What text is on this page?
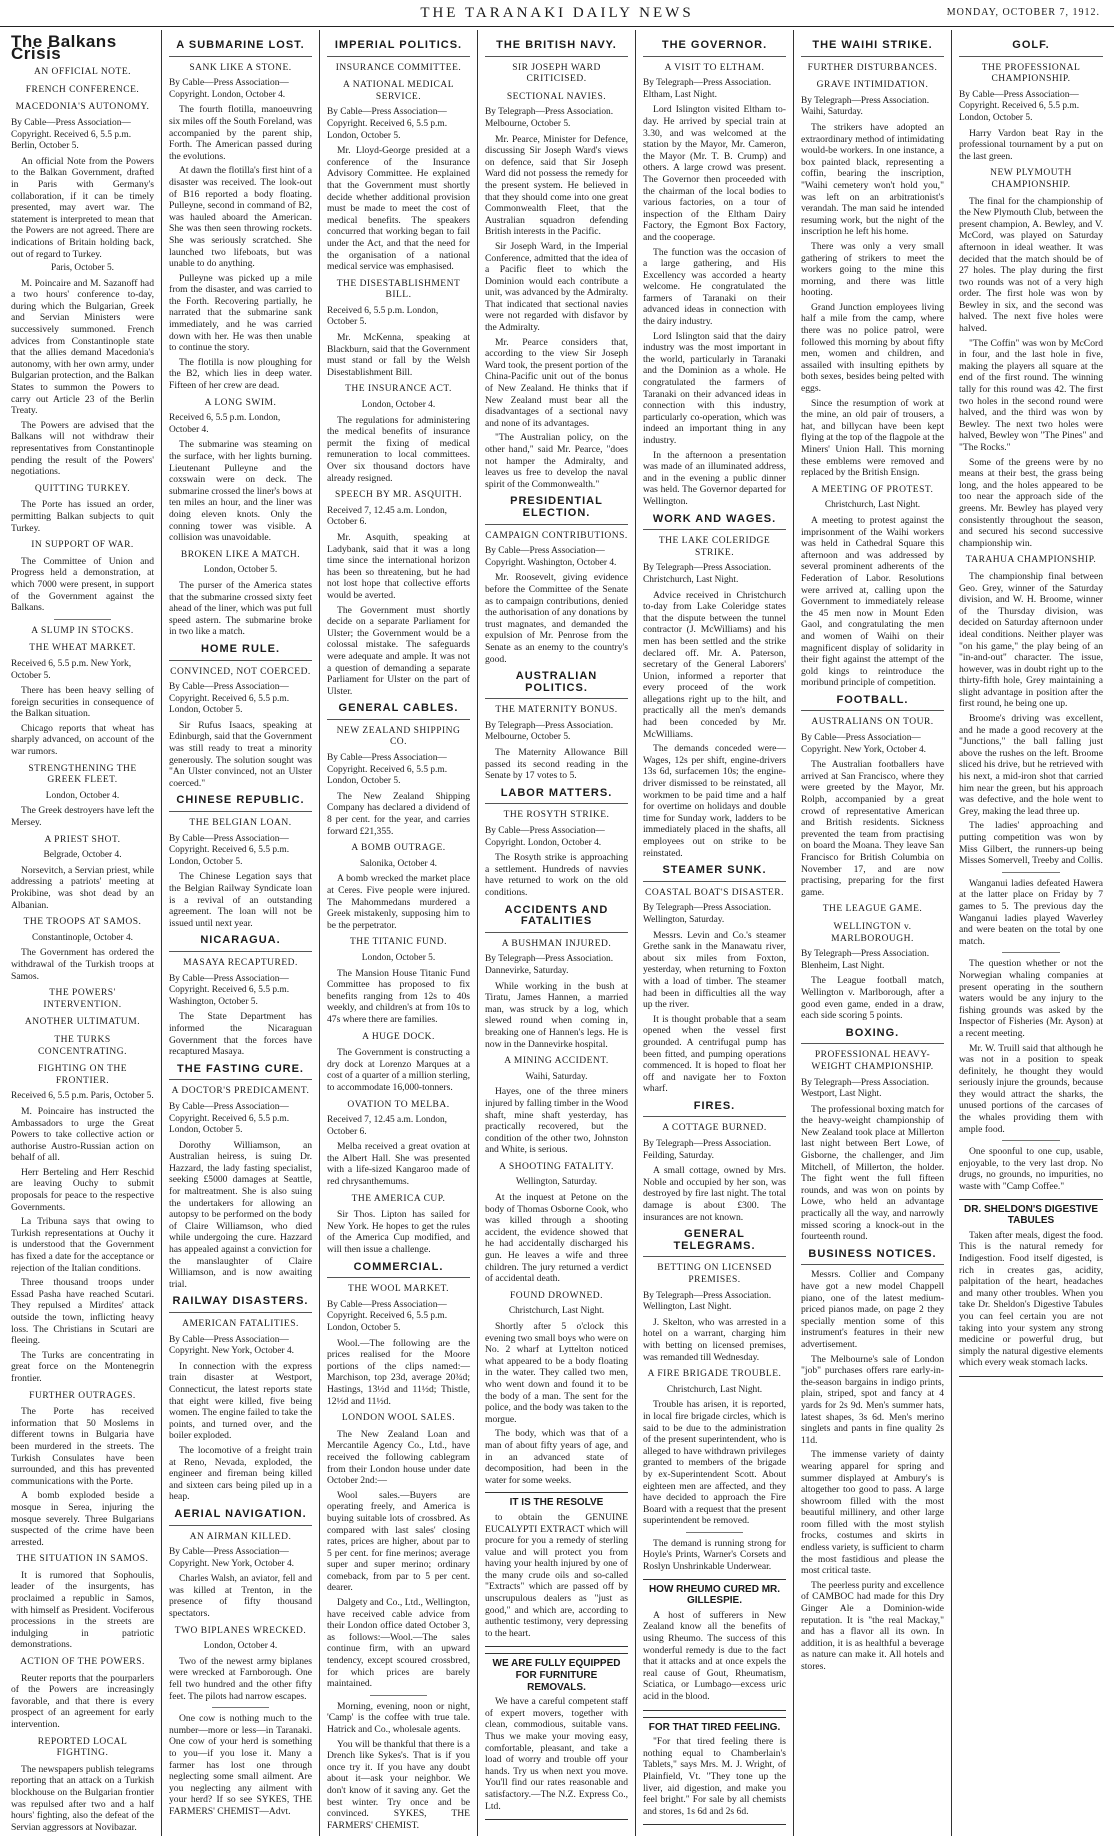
THE TARANAKI DAILY NEWS	MONDAY, OCTOBER 7, 1912.
The Balkans Crisis
AN OFFICIAL NOTE.
FRENCH CONFERENCE.
MACEDONIA'S AUTONOMY.
By Cable—Press Association—Copyright. Received 6, 5.5 p.m. Berlin, October 5.

An official Note from the Powers to the Balkan Government, drafted in Paris with Germany's collaboration, if it can be timely presented, may avert war. The statement is interpreted to mean that the Powers are not agreed. There are indications of Britain holding back, out of regard to Turkey.

Paris, October 5.

M. Poincaire and M. Sazanoff had a two hours' conference to-day, during which the Bulgarian, Greek and Servian Ministers were successively summoned. French advices from Constantinople state that the allies demand Macedonia's autonomy, with her own army, under Bulgarian protection, and the Balkan States to summon the Powers to carry out Article 23 of the Berlin Treaty.

The Powers are advised that the Balkans will not withdraw their representatives from Constantinople pending the result of the Powers' negotiations.

QUITTING TURKEY.

The Porte has issued an order, permitting Balkan subjects to quit Turkey.

IN SUPPORT OF WAR.

The Committee of Union and Progress held a demonstration, at which 7000 were present, in support of the Government against the Balkans.

A SLUMP IN STOCKS.
THE WHEAT MARKET.
Received 6, 5.5 p.m. New York, October 5.

There has been heavy selling of foreign securities in consequence of the Balkan situation.

Chicago reports that wheat has sharply advanced, on account of the war rumors.

STRENGTHENING THE GREEK FLEET.
London, October 4.

The Greek destroyers have left the Mersey.

A PRIEST SHOT.
Belgrade, October 4.

Norsevitch, a Servian priest, while addressing a patriots' meeting at Prokibine, was shot dead by an Albanian.

THE TROOPS AT SAMOS.
Constantinople, October 4.

The Government has ordered the withdrawal of the Turkish troops at Samos.

THE POWERS' INTERVENTION.
ANOTHER ULTIMATUM.
THE TURKS CONCENTRATING.
FIGHTING ON THE FRONTIER.
Received 6, 5.5 p.m. Paris, October 5.

M. Poincaire has instructed the Ambassadors to urge the Great Powers to take collective action or authorise Austro-Russian action on behalf of all.

Herr Berteling and Herr Reschid are leaving Ouchy to submit proposals for peace to the respective Governments.

La Tribuna says that owing to Turkish representations at Ouchy it is understood that the Government has fixed a date for the acceptance or rejection of the Italian conditions.

Three thousand troops under Essad Pasha have reached Scutari. They repulsed a Mirdites' attack outside the town, inflicting heavy loss. The Christians in Scutari are fleeing.

The Turks are concentrating in great force on the Montenegrin frontier.

FURTHER OUTRAGES.

The Porte has received information that 50 Moslems in different towns in Bulgaria have been murdered in the streets. The Turkish Consulates have been surrounded, and this has prevented communications with the Porte.

A bomb exploded beside a mosque in Serea, injuring the mosque severely. Three Bulgarians suspected of the crime have been arrested.

THE SITUATION IN SAMOS.

It is rumored that Sophoulis, leader of the insurgents, has proclaimed a republic in Samos, with himself as President. Vociferous processions in the streets are indulging in patriotic demonstrations.

ACTION OF THE POWERS.

Reuter reports that the pourparlers of the Powers are increasingly favorable, and that there is every prospect of an agreement for early intervention.

REPORTED LOCAL FIGHTING.

The newspapers publish telegrams reporting that an attack on a Turkish blockhouse on the Bulgarian frontier was repulsed after two and a half hours' fighting, also the defeat of the Servian aggressors at Novibazar.

A SUBMARINE LOST.
SANK LIKE A STONE.
By Cable—Press Association—Copyright. London, October 4.

The fourth flotilla, manoeuvring six miles off the South Foreland, was accompanied by the parent ship, Forth. The American passed during the evolutions.

At dawn the flotilla's first hint of a disaster was received. The look-out of B16 reported a body floating. Pulleyne, second in command of B2, was hauled aboard the American. She was then seen throwing rockets. She was seriously scratched. She launched two lifeboats, but was unable to do anything.

Pulleyne was picked up a mile from the disaster, and was carried to the Forth. Recovering partially, he narrated that the submarine sank immediately, and he was carried down with her. He was then unable to continue the story.

The flotilla is now ploughing for the B2, which lies in deep water. Fifteen of her crew are dead.

A LONG SWIM.
Received 6, 5.5 p.m. London, October 4.

The submarine was steaming on the surface, with her lights burning. Lieutenant Pulleyne and the coxswain were on deck. The submarine crossed the liner's bows at ten miles an hour, and the liner was doing eleven knots. Only the conning tower was visible. A collision was unavoidable.

BROKEN LIKE A MATCH.
London, October 5.

The purser of the America states that the submarine crossed sixty feet ahead of the liner, which was put full speed astern. The submarine broke in two like a match.

HOME RULE.
CONVINCED, NOT COERCED.
By Cable—Press Association—Copyright. Received 6, 5.5 p.m. London, October 5.

Sir Rufus Isaacs, speaking at Edinburgh, said that the Government was still ready to treat a minority generously. The solution sought was "An Ulster convinced, not an Ulster coerced."

CHINESE REPUBLIC.
THE BELGIAN LOAN.
By Cable—Press Association—Copyright. Received 6, 5.5 p.m. London, October 5.

The Chinese Legation says that the Belgian Railway Syndicate loan is a revival of an outstanding agreement. The loan will not be issued until next year.

NICARAGUA.
MASAYA RECAPTURED.
By Cable—Press Association—Copyright. Received 6, 5.5 p.m. Washington, October 5.

The State Department has informed the Nicaraguan Government that the forces have recaptured Masaya.

THE FASTING CURE.
A DOCTOR'S PREDICAMENT.
By Cable—Press Association—Copyright. Received 6, 5.5 p.m. London, October 5.

Dorothy Williamson, an Australian heiress, is suing Dr. Hazzard, the lady fasting specialist, seeking £5000 damages at Seattle, for maltreatment. She is also suing the undertakers for allowing an autopsy to be performed on the body of Claire Williamson, who died while undergoing the cure. Hazzard has appealed against a conviction for the manslaughter of Claire Williamson, and is now awaiting trial.

RAILWAY DISASTERS.
AMERICAN FATALITIES.
By Cable—Press Association—Copyright. New York, October 4.

In connection with the express train disaster at Westport, Connecticut, the latest reports state that eight were killed, five being women. The engine failed to take the points, and turned over, and the boiler exploded.

The locomotive of a freight train at Reno, Nevada, exploded, the engineer and fireman being killed and sixteen cars being piled up in a heap.

AERIAL NAVIGATION.
AN AIRMAN KILLED.
By Cable—Press Association—Copyright. New York, October 4.

Charles Walsh, an aviator, fell and was killed at Trenton, in the presence of fifty thousand spectators.

TWO BIPLANES WRECKED.
London, October 4.

Two of the newest army biplanes were wrecked at Farnborough. One fell two hundred and the other fifty feet. The pilots had narrow escapes.

One cow is nothing much to the number—more or less—in Taranaki. One cow of your herd is something to you—if you lose it. Many a farmer has lost one through neglecting some small ailment. Are you neglecting any ailment with your herd? If so see SYKES, THE FARMERS' CHEMIST—Advt.

IMPERIAL POLITICS.
INSURANCE COMMITTEE.
A NATIONAL MEDICAL SERVICE.
By Cable—Press Association—Copyright. Received 6, 5.5 p.m. London, October 5.

Mr. Lloyd-George presided at a conference of the Insurance Advisory Committee. He explained that the Government must shortly decide whether additional provision must be made to meet the cost of medical benefits. The speakers concurred that working began to fail under the Act, and that the need for the organisation of a national medical service was emphasised.

THE DISESTABLISHMENT BILL.
Received 6, 5.5 p.m. London, October 5.

Mr. McKenna, speaking at Blackburn, said that the Government must stand or fall by the Welsh Disestablishment Bill.

THE INSURANCE ACT.
London, October 4.

The regulations for administering the medical benefits of insurance permit the fixing of medical remuneration to local committees. Over six thousand doctors have already resigned.

SPEECH BY MR. ASQUITH.
Received 7, 12.45 a.m. London, October 6.

Mr. Asquith, speaking at Ladybank, said that it was a long time since the international horizon has been so threatening, but he had not lost hope that collective efforts would be averted.

The Government must shortly decide on a separate Parliament for Ulster; the Government would be a colossal mistake. The safeguards were adequate and ample. It was not a question of demanding a separate Parliament for Ulster on the part of Ulster.

GENERAL CABLES.
NEW ZEALAND SHIPPING CO.
By Cable—Press Association—Copyright. Received 6, 5.5 p.m. London, October 5.

The New Zealand Shipping Company has declared a dividend of 8 per cent. for the year, and carries forward £21,355.

A BOMB OUTRAGE.
Salonika, October 4.

A bomb wrecked the market place at Ceres. Five people were injured. The Mahommedans murdered a Greek mistakenly, supposing him to be the perpetrator.

THE TITANIC FUND.
London, October 5.

The Mansion House Titanic Fund Committee has proposed to fix benefits ranging from 12s to 40s weekly, and children's at from 10s to 47s where there are families.

A HUGE DOCK.

The Government is constructing a dry dock at Lorenzo Marques at a cost of a quarter of a million sterling, to accommodate 16,000-tonners.

OVATION TO MELBA.
Received 7, 12.45 a.m. London, October 6.

Melba received a great ovation at the Albert Hall. She was presented with a life-sized Kangaroo made of red chrysanthemums.

THE AMERICA CUP.

Sir Thos. Lipton has sailed for New York. He hopes to get the rules of the America Cup modified, and will then issue a challenge.

COMMERCIAL.
THE WOOL MARKET.
By Cable—Press Association—Copyright. Received 6, 5.5 p.m. London, October 5.

Wool.—The following are the prices realised for the Moore portions of the clips named:—Marchison, top 23d, average 20¾d; Hastings, 13½d and 11½d; Thistle, 12½d and 11½d.

LONDON WOOL SALES.

The New Zealand Loan and Mercantile Agency Co., Ltd., have received the following cablegram from their London house under date October 2nd:—

Wool sales.—Buyers are operating freely, and America is buying suitable lots of crossbred. As compared with last sales' closing rates, prices are higher, about par to 5 per cent. for fine merinos; average super and super merino; ordinary comeback, from par to 5 per cent. dearer.

Dalgety and Co., Ltd., Wellington, have received cable advice from their London office dated October 3, as follows:—Wool.—The sales continue firm, with an upward tendency, except scoured crossbred, for which prices are barely maintained.

Morning, evening, noon or night, 'Camp' is the coffee with true tale. Hatrick and Co., wholesale agents.

You will be thankful that there is a Drench like Sykes's. That is if you once try it. If you have any doubt about it—ask your neighbor. We don't know of it saving any. Get the best winter. Try once and be convinced. SYKES, THE FARMERS' CHEMIST.

THE BRITISH NAVY.
SIR JOSEPH WARD CRITICISED.
SECTIONAL NAVIES.
By Telegraph—Press Association. Melbourne, October 5.

Mr. Pearce, Minister for Defence, discussing Sir Joseph Ward's views on defence, said that Sir Joseph Ward did not possess the remedy for the present system. He believed in that they should come into one great Commonwealth Fleet, that the Australian squadron defending British interests in the Pacific.

Sir Joseph Ward, in the Imperial Conference, admitted that the idea of a Pacific fleet to which the Dominion would each contribute a unit, was advanced by the Admiralty. That indicated that sectional navies were not regarded with disfavor by the Admiralty.

Mr. Pearce considers that, according to the view Sir Joseph Ward took, the present portion of the China-Pacific unit out of the bonus of New Zealand. He thinks that if New Zealand must bear all the disadvantages of a sectional navy and none of its advantages.

"The Australian policy, on the other hand," said Mr. Pearce, "does not hamper the Admiralty, and leaves us free to develop the naval spirit of the Commonwealth."

PRESIDENTIAL ELECTION.
CAMPAIGN CONTRIBUTIONS.
By Cable—Press Association—Copyright. Washington, October 4.

Mr. Roosevelt, giving evidence before the Committee of the Senate as to campaign contributions, denied the authorisation of any donations by trust magnates, and demanded the expulsion of Mr. Penrose from the Senate as an enemy to the country's good.

AUSTRALIAN POLITICS.
THE MATERNITY BONUS.
By Telegraph—Press Association. Melbourne, October 5.

The Maternity Allowance Bill passed its second reading in the Senate by 17 votes to 5.

LABOR MATTERS.
THE ROSYTH STRIKE.
By Cable—Press Association—Copyright. London, October 4.

The Rosyth strike is approaching a settlement. Hundreds of navvies have returned to work on the old conditions.

ACCIDENTS AND FATALITIES
A BUSHMAN INJURED.
By Telegraph—Press Association. Dannevirke, Saturday.

While working in the bush at Tiratu, James Hannen, a married man, was struck by a log, which slewed round when coming in, breaking one of Hannen's legs. He is now in the Dannevirke hospital.

A MINING ACCIDENT.
Waihi, Saturday.

Hayes, one of the three miners injured by falling timber in the Wood shaft, mine shaft yesterday, has practically recovered, but the condition of the other two, Johnston and White, is serious.

A SHOOTING FATALITY.
Wellington, Saturday.

At the inquest at Petone on the body of Thomas Osborne Cook, who was killed through a shooting accident, the evidence showed that he had accidentally discharged his gun. He leaves a wife and three children. The jury returned a verdict of accidental death.

FOUND DROWNED.
Christchurch, Last Night.

Shortly after 5 o'clock this evening two small boys who were on No. 2 wharf at Lyttelton noticed what appeared to be a body floating in the water. They called two men, who went down and found it to be the body of a man. The sent for the police, and the body was taken to the morgue.

The body, which was that of a man of about fifty years of age, and in an advanced state of decomposition, had been in the water for some weeks.

IT IS THE RESOLVE

to obtain the GENUINE EUCALYPTI EXTRACT which will procure for you a remedy of sterling value and will protect you from having your health injured by one of the many crude oils and so-called "Extracts" which are passed off by unscrupulous dealers as "just as good," and which are, according to authentic testimony, very depressing to the heart.

WE ARE FULLY EQUIPPED FOR FURNITURE REMOVALS.

We have a careful competent staff of expert movers, together with clean, commodious, suitable vans. Thus we make your moving easy, comfortable, pleasant, and take a load of worry and trouble off your hands. Try us when next you move. You'll find our rates reasonable and satisfactory.—The N.Z. Express Co., Ltd.

THE GOVERNOR.
A VISIT TO ELTHAM.
By Telegraph—Press Association. Eltham, Last Night.

Lord Islington visited Eltham to-day. He arrived by special train at 3.30, and was welcomed at the station by the Mayor, Mr. Cameron, the Mayor (Mr. T. B. Crump) and others. A large crowd was present. The Governor then proceeded with the chairman of the local bodies to various factories, on a tour of inspection of the Eltham Dairy Factory, the Egmont Box Factory, and the cooperage.

The function was the occasion of a large gathering, and His Excellency was accorded a hearty welcome. He congratulated the farmers of Taranaki on their advanced ideas in connection with the dairy industry.

Lord Islington said that the dairy industry was the most important in the world, particularly in Taranaki and the Dominion as a whole. He congratulated the farmers of Taranaki on their advanced ideas in connection with this industry, particularly co-operation, which was indeed an important thing in any industry.

In the afternoon a presentation was made of an illuminated address, and in the evening a public dinner was held. The Governor departed for Wellington.

WORK AND WAGES.
THE LAKE COLERIDGE STRIKE.
By Telegraph—Press Association. Christchurch, Last Night.

Advice received in Christchurch to-day from Lake Coleridge states that the dispute between the tunnel contractor (J. McWilliams) and his men has been settled and the strike declared off. Mr. A. Paterson, secretary of the General Laborers' Union, informed a reporter that every proceed of the work allegations right up to the hilt, and practically all the men's demands had been conceded by Mr. McWilliams.

The demands conceded were—Wages, 12s per shift, engine-drivers 13s 6d, surfacemen 10s; the engine-driver dismissed to be reinstated, all workmen to be paid time and a half for overtime on holidays and double time for Sunday work, ladders to be immediately placed in the shafts, all employees out on strike to be reinstated.

STEAMER SUNK.
COASTAL BOAT'S DISASTER.
By Telegraph—Press Association. Wellington, Saturday.

Messrs. Levin and Co.'s steamer Grethe sank in the Manawatu river, about six miles from Foxton, yesterday, when returning to Foxton with a load of timber. The steamer had been in difficulties all the way up the river.

It is thought probable that a seam opened when the vessel first grounded. A centrifugal pump has been fitted, and pumping operations commenced. It is hoped to float her off and navigate her to Foxton wharf.

FIRES.
A COTTAGE BURNED.
By Telegraph—Press Association. Feilding, Saturday.

A small cottage, owned by Mrs. Noble and occupied by her son, was destroyed by fire last night. The total damage is about £300. The insurances are not known.

GENERAL TELEGRAMS.
BETTING ON LICENSED PREMISES.
By Telegraph—Press Association. Wellington, Last Night.

J. Skelton, who was arrested in a hotel on a warrant, charging him with betting on licensed premises, was remanded till Wednesday.

A FIRE BRIGADE TROUBLE.
Christchurch, Last Night.

Trouble has arisen, it is reported, in local fire brigade circles, which is said to be due to the administration of the present superintendent, who is alleged to have withdrawn privileges granted to members of the brigade by ex-Superintendent Scott. About eighteen men are affected, and they have decided to approach the Fire Board with a request that the present superintendent be removed.

The demand is running strong for Hoyle's Prints, Warner's Corsets and Roslyn Unshrinkable Underwear.

HOW RHEUMO CURED MR. GILLESPIE.

A host of sufferers in New Zealand know all the benefits of using Rheumo. The success of this wonderful remedy is due to the fact that it attacks and at once expels the real cause of Gout, Rheumatism, Sciatica, or Lumbago—excess uric acid in the blood.

FOR THAT TIRED FEELING.

"For that tired feeling there is nothing equal to Chamberlain's Tablets," says Mrs. M. J. Wright, of Plainfield, Vt. "They tone up the liver, aid digestion, and make you feel bright." For sale by all chemists and stores, 1s 6d and 2s 6d.

THE WAIHI STRIKE.
FURTHER DISTURBANCES.
GRAVE INTIMIDATION.
By Telegraph—Press Association. Waihi, Saturday.

The strikers have adopted an extraordinary method of intimidating would-be workers. In one instance, a box painted black, representing a coffin, bearing the inscription, "Waihi cemetery won't hold you," was left on an arbitrationist's verandah. The man said he intended resuming work, but the night of the inscription he left his home.

There was only a very small gathering of strikers to meet the workers going to the mine this morning, and there was little hooting.

Grand Junction employees living half a mile from the camp, where there was no police patrol, were followed this morning by about fifty men, women and children, and assailed with insulting epithets by both sexes, besides being pelted with eggs.

Since the resumption of work at the mine, an old pair of trousers, a hat, and billycan have been kept flying at the top of the flagpole at the Miners' Union Hall. This morning these emblems were removed and replaced by the British Ensign.

A MEETING OF PROTEST.
Christchurch, Last Night.

A meeting to protest against the imprisonment of the Waihi workers was held in Cathedral Square this afternoon and was addressed by several prominent adherents of the Federation of Labor. Resolutions were arrived at, calling upon the Government to immediately release the 45 men now in Mount Eden Gaol, and congratulating the men and women of Waihi on their magnificent display of solidarity in their fight against the attempt of the gold kings to reintroduce the moribund principle of competition.

FOOTBALL.
AUSTRALIANS ON TOUR.
By Cable—Press Association—Copyright. New York, October 4.

The Australian footballers have arrived at San Francisco, where they were greeted by the Mayor, Mr. Rolph, accompanied by a great crowd of representative American and British residents. Sickness prevented the team from practising on board the Moana. They leave San Francisco for British Columbia on November 17, and are now practising, preparing for the first game.

THE LEAGUE GAME.
WELLINGTON v. MARLBOROUGH.
By Telegraph—Press Association. Blenheim, Last Night.

The League football match, Wellington v. Marlborough, after a good even game, ended in a draw, each side scoring 5 points.

BOXING.
PROFESSIONAL HEAVY-WEIGHT CHAMPIONSHIP.
By Telegraph—Press Association. Westport, Last Night.

The professional boxing match for the heavy-weight championship of New Zealand took place at Millerton last night between Bert Lowe, of Gisborne, the challenger, and Jim Mitchell, of Millerton, the holder. The fight went the full fifteen rounds, and was won on points by Lowe, who held an advantage practically all the way, and narrowly missed scoring a knock-out in the fourteenth round.

BUSINESS NOTICES.

Messrs. Collier and Company have got a new model Chappell piano, one of the latest medium-priced pianos made, on page 2 they specially mention some of this instrument's features in their new advertisement.

The Melbourne's sale of London "job" purchases offers rare early-in-the-season bargains in indigo prints, plain, striped, spot and fancy at 4 yards for 2s 9d. Men's summer hats, latest shapes, 3s 6d. Men's merino singlets and pants in fine quality 2s 11d.

The immense variety of dainty wearing apparel for spring and summer displayed at Ambury's is altogether too good to pass. A large showroom filled with the most beautiful millinery, and other large room filled with the most stylish frocks, costumes and skirts in endless variety, is sufficient to charm the most fastidious and please the most critical taste.

The peerless purity and excellence of CAMBOC had made for this Dry Ginger Ale a Dominion-wide reputation. It is "the real Mackay," and has a flavor all its own. In addition, it is as healthful a beverage as nature can make it. All hotels and stores.

GOLF.
THE PROFESSIONAL CHAMPIONSHIP.
By Cable—Press Association—Copyright. Received 6, 5.5 p.m. London, October 5.

Harry Vardon beat Ray in the professional tournament by a put on the last green.

NEW PLYMOUTH CHAMPIONSHIP.

The final for the championship of the New Plymouth Club, between the present champion, A. Bewley, and V. McCord, was played on Saturday afternoon in ideal weather. It was decided that the match should be of 27 holes. The play during the first two rounds was not of a very high order. The first hole was won by Bewley in six, and the second was halved. The next five holes were halved.

"The Coffin" was won by McCord in four, and the last hole in five, making the players all square at the end of the first round. The winning tally for this round was 42. The first two holes in the second round were halved, and the third was won by Bewley. The next two holes were halved, Bewley won "The Pines" and "The Rocks."

Some of the greens were by no means at their best, the grass being long, and the holes appeared to be too near the approach side of the greens. Mr. Bewley has played very consistently throughout the season, and secured his second successive championship win.

TARAHUA CHAMPIONSHIP.

The championship final between Geo. Grey, winner of the Saturday division, and W. H. Broome, winner of the Thursday division, was decided on Saturday afternoon under ideal conditions. Neither player was "on his game," the play being of an "in-and-out" character. The issue, however, was in doubt right up to the thirty-fifth hole, Grey maintaining a slight advantage in position after the first round, he being one up.

Broome's driving was excellent, and he made a good recovery at the "Junctions," the ball falling just above the rushes on the left. Broome sliced his drive, but he retrieved with his next, a mid-iron shot that carried him near the green, but his approach was defective, and the hole went to Grey, making the lead three up.

The ladies' approaching and putting competition was won by Miss Gilbert, the runners-up being Misses Somervell, Treeby and Collis.

Wanganui ladies defeated Hawera at the latter place on Friday by 7 games to 5. The previous day the Wanganui ladies played Waverley and were beaten on the total by one match.

The question whether or not the Norwegian whaling companies at present operating in the southern waters would be any injury to the fishing grounds was asked by the Inspector of Fisheries (Mr. Ayson) at a recent meeting.

Mr. W. Truill said that although he was not in a position to speak definitely, he thought they would seriously injure the grounds, because they would attract the sharks, the unused portions of the carcases of the whales providing them with ample food.

One spoonful to one cup, usable, enjoyable, to the very last drop. No drugs, no grounds, no impurities, no waste with "Camp Coffee."

DR. SHELDON'S DIGESTIVE TABULES

Taken after meals, digest the food. This is the natural remedy for Indigestion. Food itself digested, is rich in creates gas, acidity, palpitation of the heart, headaches and many other troubles. When you take Dr. Sheldon's Digestive Tabules you can feel certain you are not taking into your system any strong medicine or powerful drug, but simply the natural digestive elements which every weak stomach lacks.
